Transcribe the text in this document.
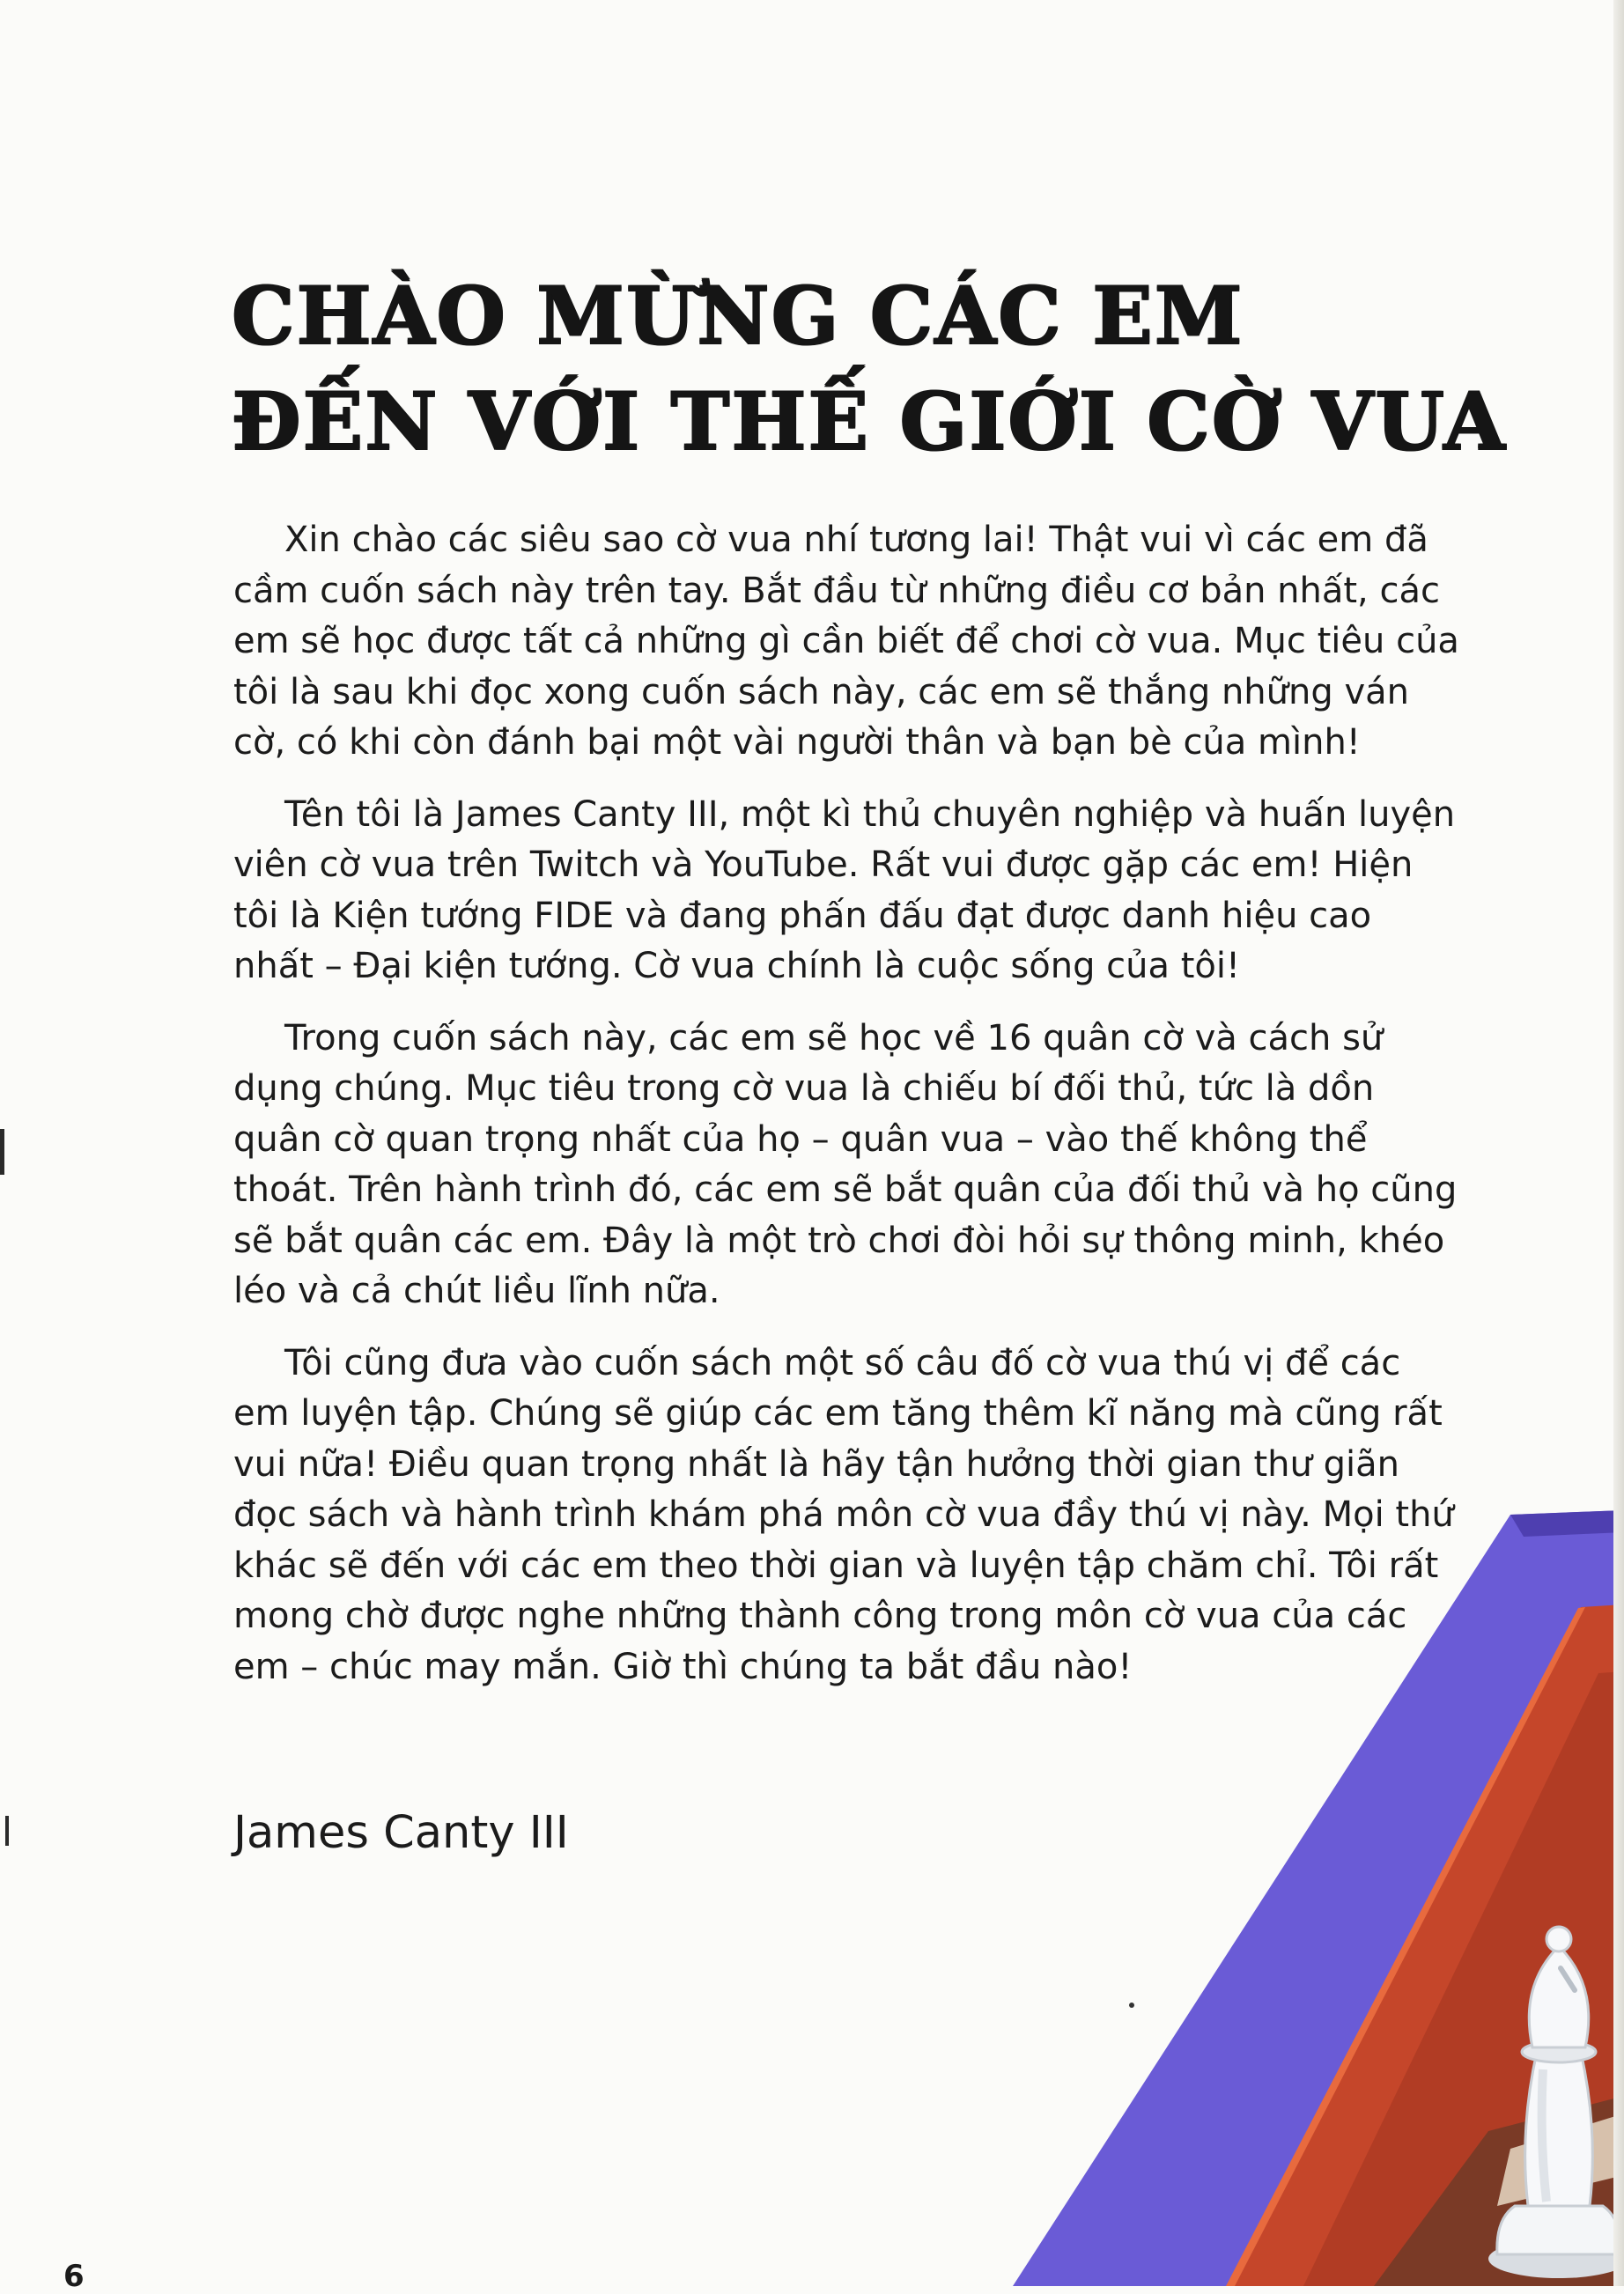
CHÀO MỪNG CÁC EM
ĐẾN VỚI THẾ GIỚI CỜ VUA

Xin chào các siêu sao cờ vua nhí tương lai! Thật vui vì các em đã cầm cuốn sách này trên tay. Bắt đầu từ những điều cơ bản nhất, các em sẽ học được tất cả những gì cần biết để chơi cờ vua. Mục tiêu của tôi là sau khi đọc xong cuốn sách này, các em sẽ thắng những ván cờ, có khi còn đánh bại một vài người thân và bạn bè của mình!

Tên tôi là James Canty III, một kì thủ chuyên nghiệp và huấn luyện viên cờ vua trên Twitch và YouTube. Rất vui được gặp các em! Hiện tôi là Kiện tướng FIDE và đang phấn đấu đạt được danh hiệu cao nhất – Đại kiện tướng. Cờ vua chính là cuộc sống của tôi!

Trong cuốn sách này, các em sẽ học về 16 quân cờ và cách sử dụng chúng. Mục tiêu trong cờ vua là chiếu bí đối thủ, tức là dồn quân cờ quan trọng nhất của họ – quân vua – vào thế không thể thoát. Trên hành trình đó, các em sẽ bắt quân của đối thủ và họ cũng sẽ bắt quân các em. Đây là một trò chơi đòi hỏi sự thông minh, khéo léo và cả chút liều lĩnh nữa.

Tôi cũng đưa vào cuốn sách một số câu đố cờ vua thú vị để các em luyện tập. Chúng sẽ giúp các em tăng thêm kĩ năng mà cũng rất vui nữa! Điều quan trọng nhất là hãy tận hưởng thời gian thư giãn đọc sách và hành trình khám phá môn cờ vua đầy thú vị này. Mọi thứ khác sẽ đến với các em theo thời gian và luyện tập chăm chỉ. Tôi rất mong chờ được nghe những thành công trong môn cờ vua của các em – chúc may mắn. Giờ thì chúng ta bắt đầu nào!

James Canty III

6
